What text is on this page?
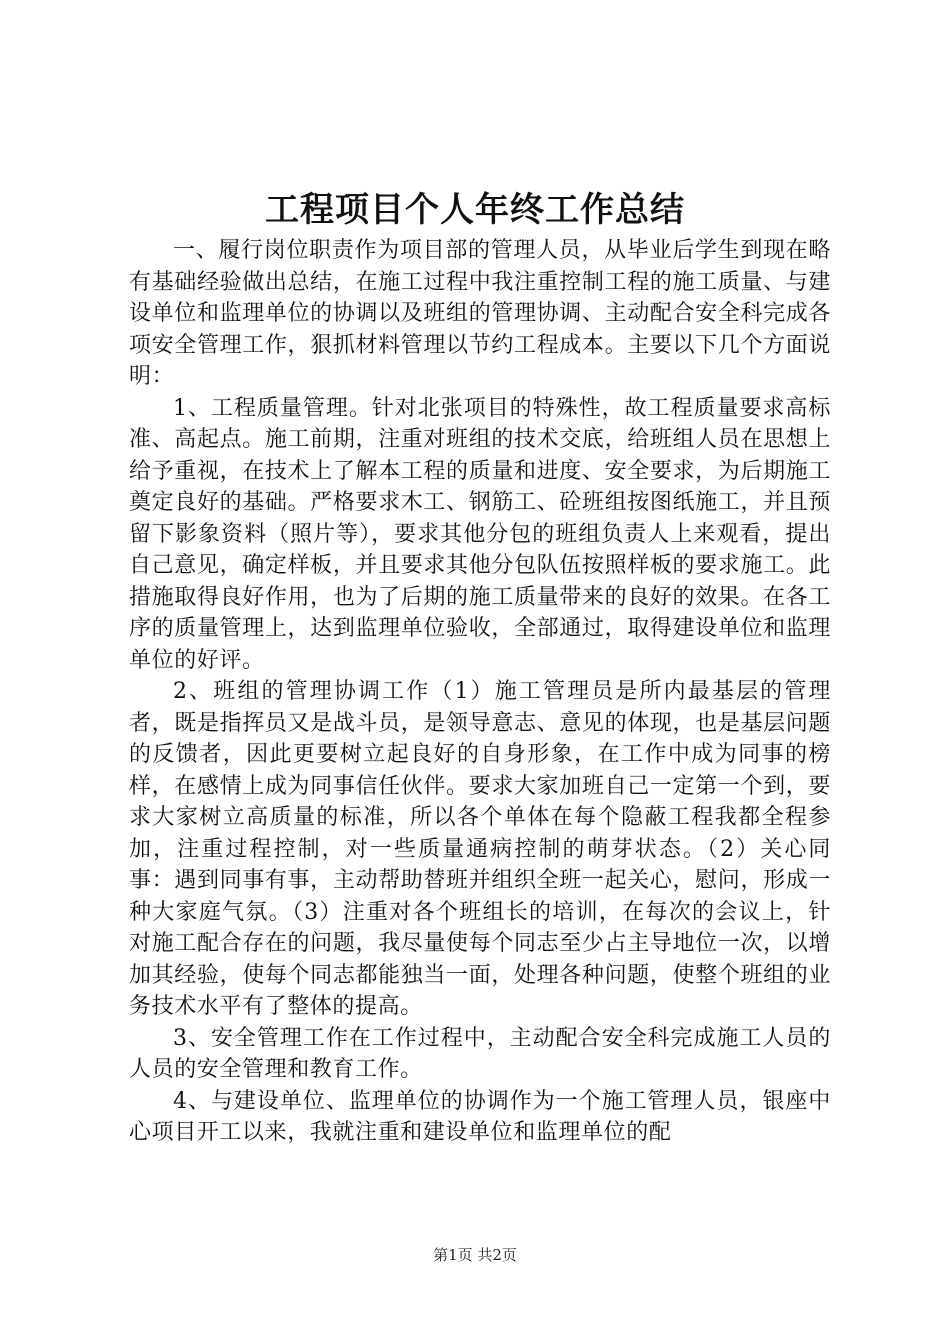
工程项目个人年终工作总结

一、履行岗位职责作为项目部的管理人员，从毕业后学生到现在略有基础经验做出总结，在施工过程中我注重控制工程的施工质量、与建设单位和监理单位的协调以及班组的管理协调、主动配合安全科完成各项安全管理工作，狠抓材料管理以节约工程成本。主要以下几个方面说明：

1、工程质量管理。针对北张项目的特殊性，故工程质量要求高标准、高起点。施工前期，注重对班组的技术交底，给班组人员在思想上给予重视，在技术上了解本工程的质量和进度、安全要求，为后期施工奠定良好的基础。严格要求木工、钢筋工、砼班组按图纸施工，并且预留下影象资料（照片等），要求其他分包的班组负责人上来观看，提出自己意见，确定样板，并且要求其他分包队伍按照样板的要求施工。此措施取得良好作用，也为了后期的施工质量带来的良好的效果。在各工序的质量管理上，达到监理单位验收，全部通过，取得建设单位和监理单位的好评。

2、班组的管理协调工作（1）施工管理员是所内最基层的管理者，既是指挥员又是战斗员，是领导意志、意见的体现，也是基层问题的反馈者，因此更要树立起良好的自身形象，在工作中成为同事的榜样，在感情上成为同事信任伙伴。要求大家加班自己一定第一个到，要求大家树立高质量的标准，所以各个单体在每个隐蔽工程我都全程参加，注重过程控制，对一些质量通病控制的萌芽状态。（2）关心同事：遇到同事有事，主动帮助替班并组织全班一起关心，慰问，形成一种大家庭气氛。（3）注重对各个班组长的培训，在每次的会议上，针对施工配合存在的问题，我尽量使每个同志至少占主导地位一次，以增加其经验，使每个同志都能独当一面，处理各种问题，使整个班组的业务技术水平有了整体的提高。

3、安全管理工作在工作过程中，主动配合安全科完成施工人员的人员的安全管理和教育工作。

4、与建设单位、监理单位的协调作为一个施工管理人员，银座中心项目开工以来，我就注重和建设单位和监理单位的配

第1页 共2页
